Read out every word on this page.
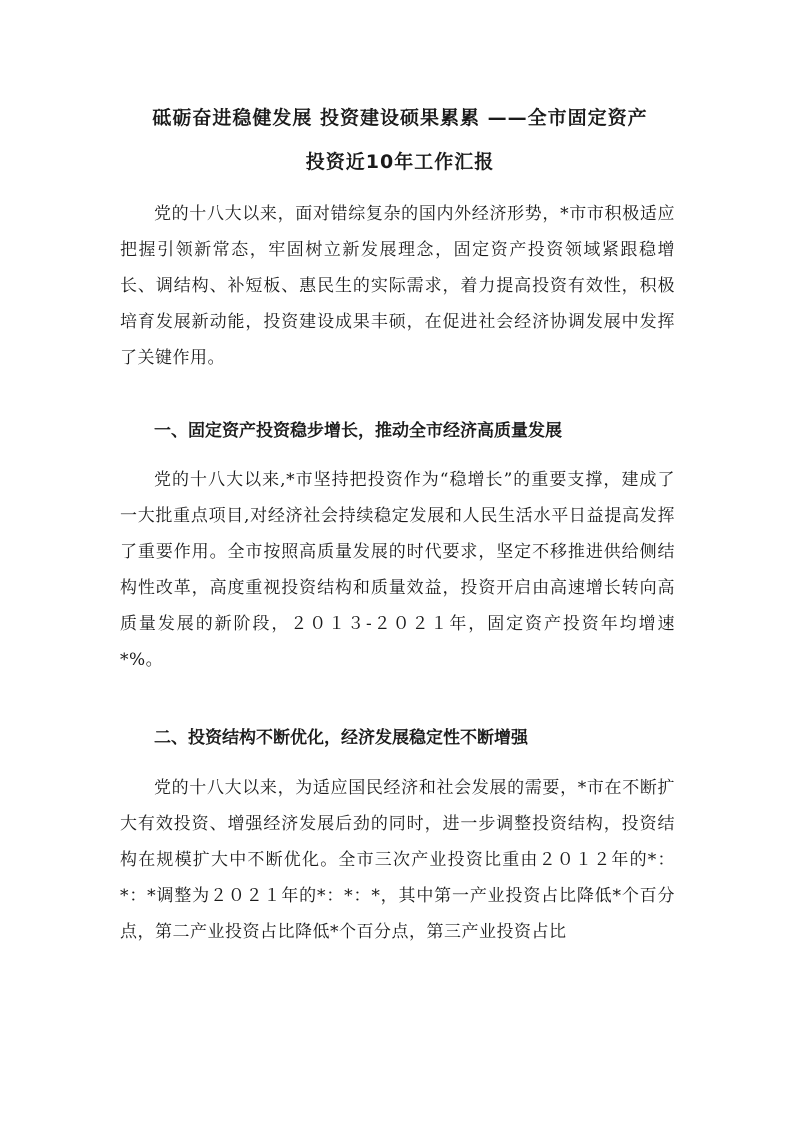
砥砺奋进稳健发展 投资建设硕果累累 ——全市固定资产
投资近10年工作汇报

党的十八大以来，面对错综复杂的国内外经济形势，*市市积极适应把握引领新常态，牢固树立新发展理念，固定资产投资领域紧跟稳增长、调结构、补短板、惠民生的实际需求，着力提高投资有效性，积极培育发展新动能，投资建设成果丰硕，在促进社会经济协调发展中发挥了关键作用。

一、固定资产投资稳步增长，推动全市经济高质量发展

党的十八大以来,*市坚持把投资作为“稳增长”的重要支撑，建成了一大批重点项目,对经济社会持续稳定发展和人民生活水平日益提高发挥了重要作用。全市按照高质量发展的时代要求，坚定不移推进供给侧结构性改革，高度重视投资结构和质量效益，投资开启由高速增长转向高质量发展的新阶段，２０１３-２０２１年，固定资产投资年均增速*%。

二、投资结构不断优化，经济发展稳定性不断增强

党的十八大以来，为适应国民经济和社会发展的需要，*市在不断扩大有效投资、增强经济发展后劲的同时，进一步调整投资结构，投资结构在规模扩大中不断优化。全市三次产业投资比重由２０１２年的*：*：*调整为２０２１年的*：*：*，其中第一产业投资占比降低*个百分点，第二产业投资占比降低*个百分点，第三产业投资占比
